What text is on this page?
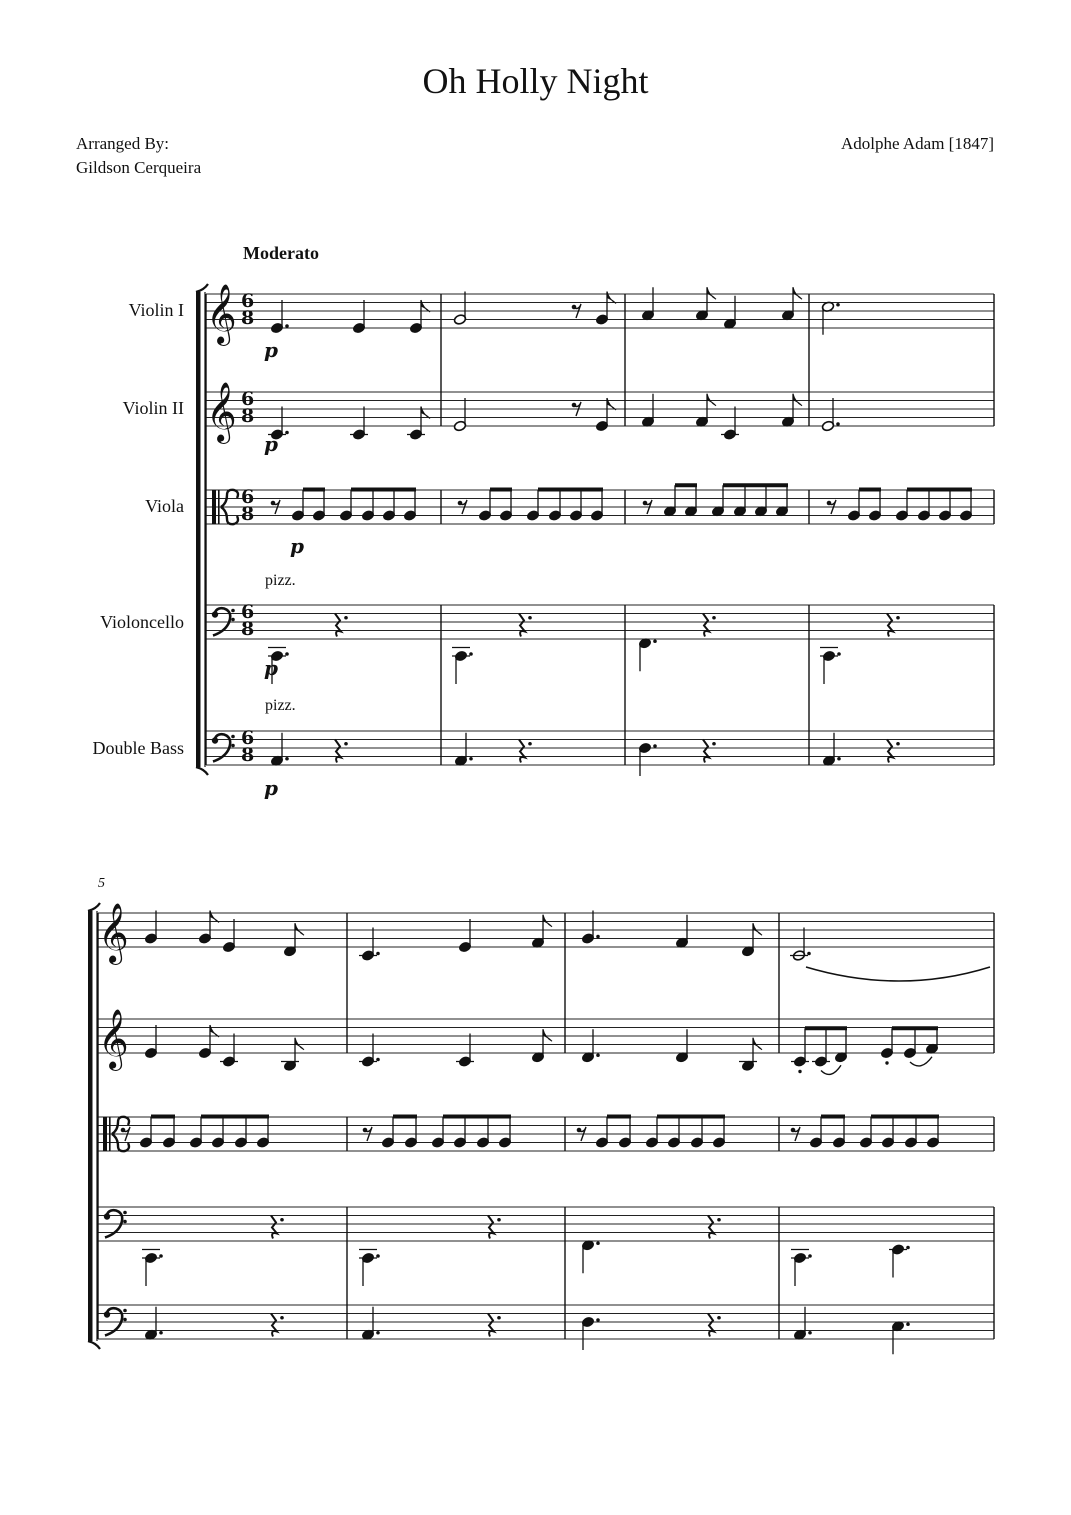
Oh Holly Night
Arranged By:
Gildson Cerqueira
Adolphe Adam [1847]
Moderato
Violin I
Violin II
Viola
Violoncello
Double Bass
pizz.
pizz.
5
𝄞
𝄞
6
8
6
8
6
8
6
8
6
8
p
p
p
p
p
𝄞
𝄞
